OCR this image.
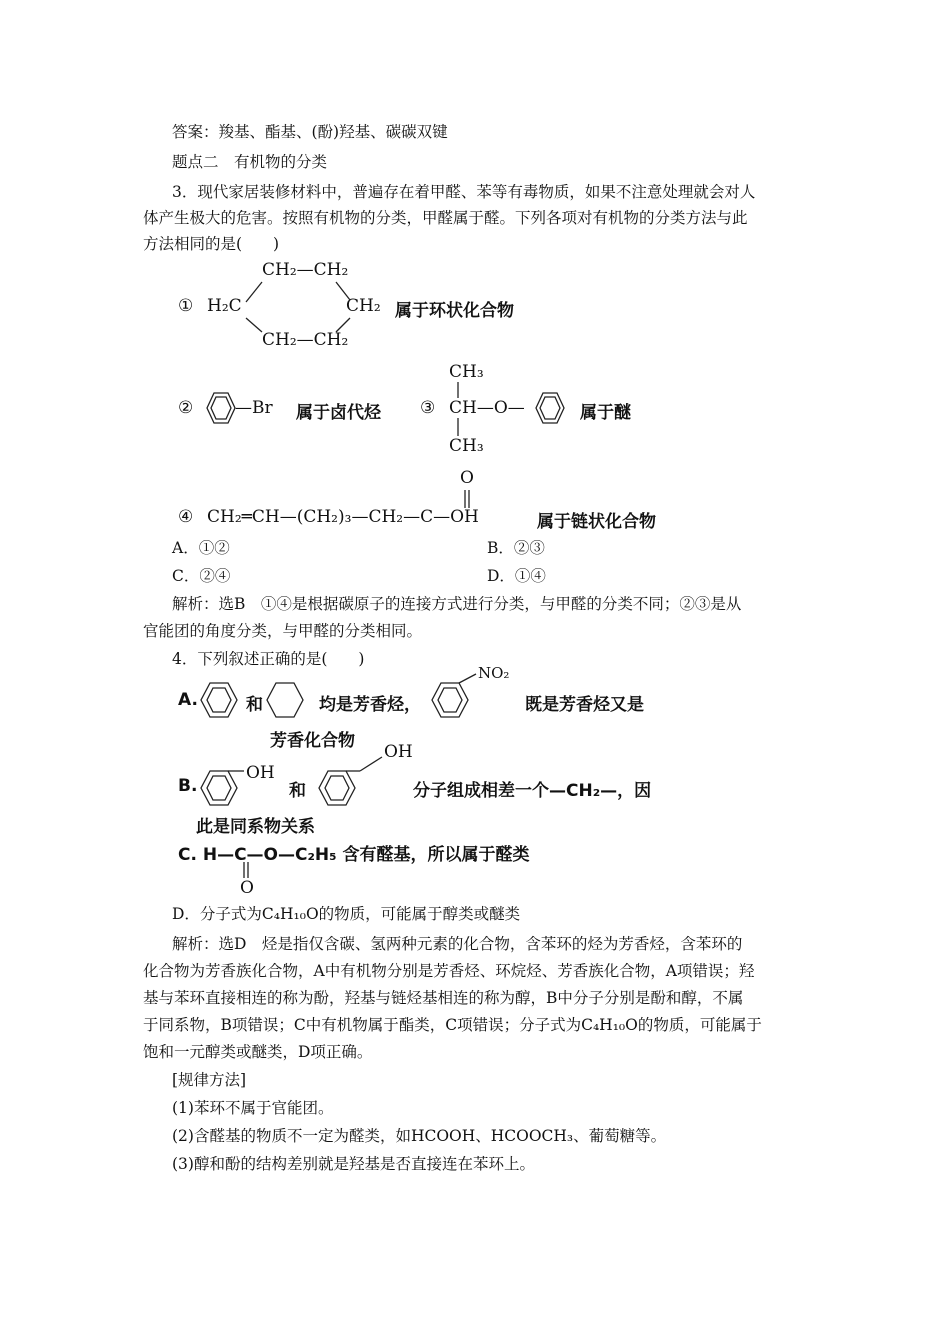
答案：羧基、酯基、(酚)羟基、碳碳双键
题点二　有机物的分类
3．现代家居装修材料中，普遍存在着甲醛、苯等有毒物质，如果不注意处理就会对人
体产生极大的危害。按照有机物的分类，甲醛属于醛。下列各项对有机物的分类方法与此
方法相同的是(　　)
①
CH₂—CH₂
H₂C	CH₂
CH₂—CH₂
属于环状化合物
② —Br 属于卤代烃 ③
CH₃
CH—O—
CH₃
属于醚
④
O
CH₂═CH—(CH₂)₃—CH₂—C—OH	属于链状化合物
A．①②	B．②③
C．②④	D．①④
解析：选B　①④是根据碳原子的连接方式进行分类，与甲醛的分类不同；②③是从
官能团的角度分类，与甲醛的分类相同。
4．下列叙述正确的是(　　)
A.	和	均是芳香烃，
NO₂
既是芳香烃又是
芳香化合物
B.
OH
和
OH
分子组成相差一个—CH₂—，因
此是同系物关系
C. H—C—O—C₂H₅ 含有醛基，所以属于醛类
O
D．分子式为C₄H₁₀O的物质，可能属于醇类或醚类
解析：选D　烃是指仅含碳、氢两种元素的化合物，含苯环的烃为芳香烃，含苯环的
化合物为芳香族化合物，A中有机物分别是芳香烃、环烷烃、芳香族化合物，A项错误；羟
基与苯环直接相连的称为酚，羟基与链烃基相连的称为醇，B中分子分别是酚和醇，不属
于同系物，B项错误；C中有机物属于酯类，C项错误；分子式为C₄H₁₀O的物质，可能属于
饱和一元醇类或醚类，D项正确。
[规律方法]
(1)苯环不属于官能团。
(2)含醛基的物质不一定为醛类，如HCOOH、HCOOCH₃、葡萄糖等。
(3)醇和酚的结构差别就是羟基是否直接连在苯环上。
